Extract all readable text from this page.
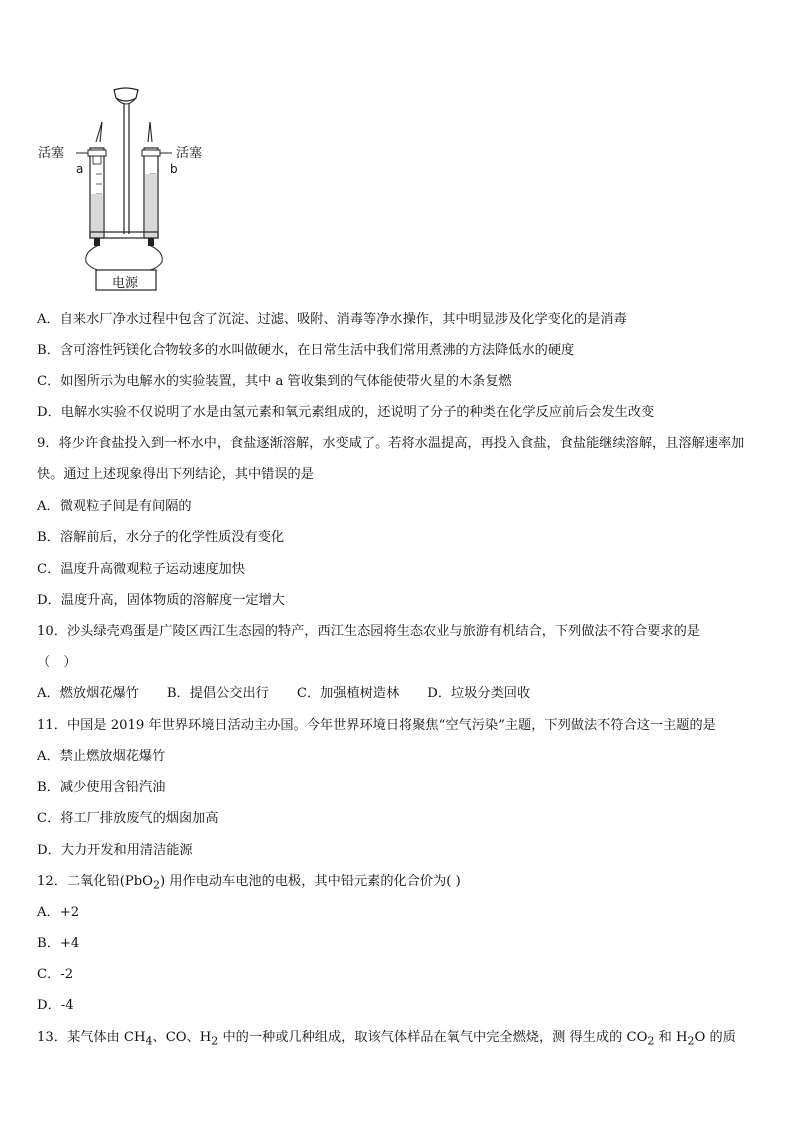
活塞	活塞
a	b
电源
A．自来水厂净水过程中包含了沉淀、过滤、吸附、消毒等净水操作，其中明显涉及化学变化的是消毒
B．含可溶性钙镁化合物较多的水叫做硬水，在日常生活中我们常用煮沸的方法降低水的硬度
C．如图所示为电解水的实验装置，其中 a 管收集到的气体能使带火星的木条复燃
D．电解水实验不仅说明了水是由氢元素和氧元素组成的，还说明了分子的种类在化学反应前后会发生改变
9．将少许食盐投入到一杯水中，食盐逐渐溶解，水变咸了。若将水温提高，再投入食盐，食盐能继续溶解，且溶解速率加快。通过上述现象得出下列结论，其中错误的是
A．微观粒子间是有间隔的
B．溶解前后，水分子的化学性质没有变化
C．温度升高微观粒子运动速度加快
D．温度升高，固体物质的溶解度一定增大
10．沙头绿壳鸡蛋是广陵区西江生态园的特产，西江生态园将生态农业与旅游有机结合，下列做法不符合要求的是
（　）
A．燃放烟花爆竹 B．提倡公交出行 C．加强植树造林 D．垃圾分类回收
11．中国是 2019 年世界环境日活动主办国。今年世界环境日将聚焦“空气污染”主题，下列做法不符合这一主题的是
A．禁止燃放烟花爆竹
B．减少使用含铅汽油
C．将工厂排放废气的烟囱加高
D．大力开发和用清洁能源
12．二氧化铅(PbO$_2$) 用作电动车电池的电极，其中铅元素的化合价为( )
A．+2
B．+4
C．-2
D．-4
13．某气体由 $CH_4$、CO、$H_2$ 中的一种或几种组成，取该气体样品在氧气中完全燃烧，测 得生成的 $CO_2$ 和 $H_2O$ 的质
